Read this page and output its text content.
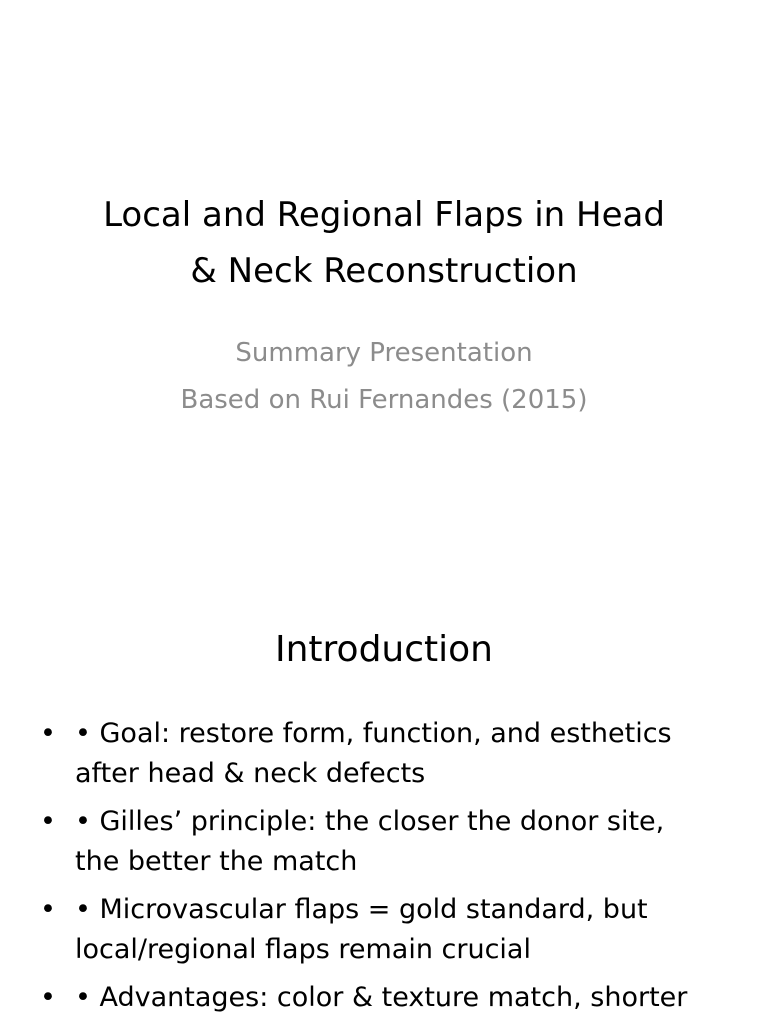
Local and Regional Flaps in Head
& Neck Reconstruction
Summary Presentation
Based on Rui Fernandes (2015)
Introduction
• • Goal: restore form, function, and esthetics
after head & neck defects
• • Gilles’ principle: the closer the donor site,
the better the match
• • Microvascular flaps = gold standard, but
local/regional flaps remain crucial
• • Advantages: color & texture match, shorter
